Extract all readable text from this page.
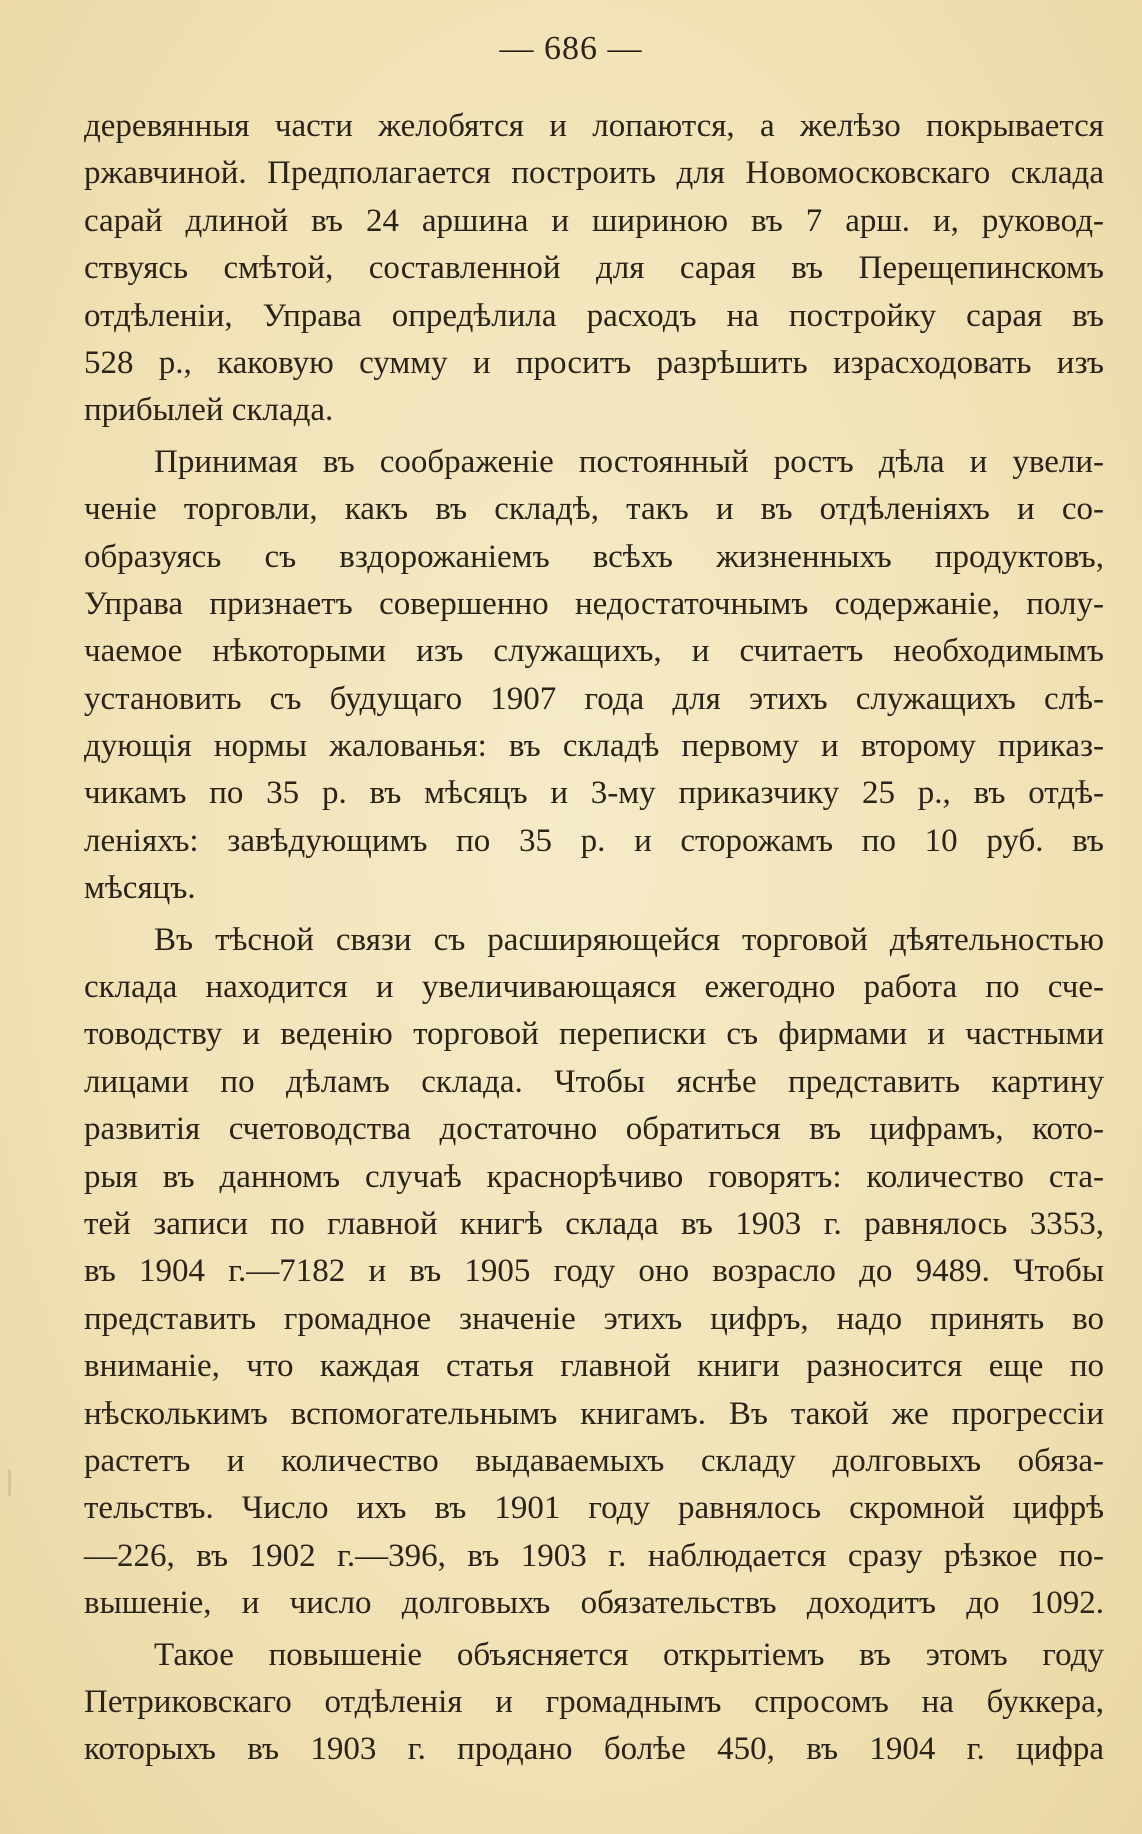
— 686 —
деревянныя части желобятся и лопаются, а желѣзо покрывается
ржавчиной. Предполагается построить для Новомосковскаго склада
сарай длиной въ 24 аршина и шириною въ 7 арш. и, руковод-
ствуясь смѣтой, составленной для сарая въ Перещепинскомъ
отдѣленіи, Управа опредѣлила расходъ на постройку сарая въ
528 р., каковую сумму и проситъ разрѣшить израсходовать изъ
прибылей склада.
Принимая въ соображеніе постоянный ростъ дѣла и увели-
ченіе торговли, какъ въ складѣ, такъ и въ отдѣленіяхъ и со-
образуясь съ вздорожаніемъ всѣхъ жизненныхъ продуктовъ,
Управа признаетъ совершенно недостаточнымъ содержаніе, полу-
чаемое нѣкоторыми изъ служащихъ, и считаетъ необходимымъ
установить съ будущаго 1907 года для этихъ служащихъ слѣ-
дующія нормы жалованья: въ складѣ первому и второму приказ-
чикамъ по 35 р. въ мѣсяцъ и 3-му приказчику 25 р., въ отдѣ-
леніяхъ: завѣдующимъ по 35 р. и сторожамъ по 10 руб. въ
мѣсяцъ.
Въ тѣсной связи съ расширяющейся торговой дѣятельностью
склада находится и увеличивающаяся ежегодно работа по сче-
товодству и веденію торговой переписки съ фирмами и частными
лицами по дѣламъ склада. Чтобы яснѣе представить картину
развитія счетоводства достаточно обратиться въ цифрамъ, кото-
рыя въ данномъ случаѣ краснорѣчиво говорятъ: количество ста-
тей записи по главной книгѣ склада въ 1903 г. равнялось 3353,
въ 1904 г.—7182 и въ 1905 году оно возрасло до 9489. Чтобы
представить громадное значеніе этихъ цифръ, надо принять во
вниманіе, что каждая статья главной книги разносится еще по
нѣсколькимъ вспомогательнымъ книгамъ. Въ такой же прогрессіи
растетъ и количество выдаваемыхъ складу долговыхъ обяза-
тельствъ. Число ихъ въ 1901 году равнялось скромной цифрѣ
—226, въ 1902 г.—396, въ 1903 г. наблюдается сразу рѣзкое по-
вышеніе, и число долговыхъ обязательствъ доходитъ до 1092.
Такое повышеніе объясняется открытіемъ въ этомъ году
Петриковскаго отдѣленія и громаднымъ спросомъ на буккера,
которыхъ въ 1903 г. продано болѣе 450, въ 1904 г. цифра
